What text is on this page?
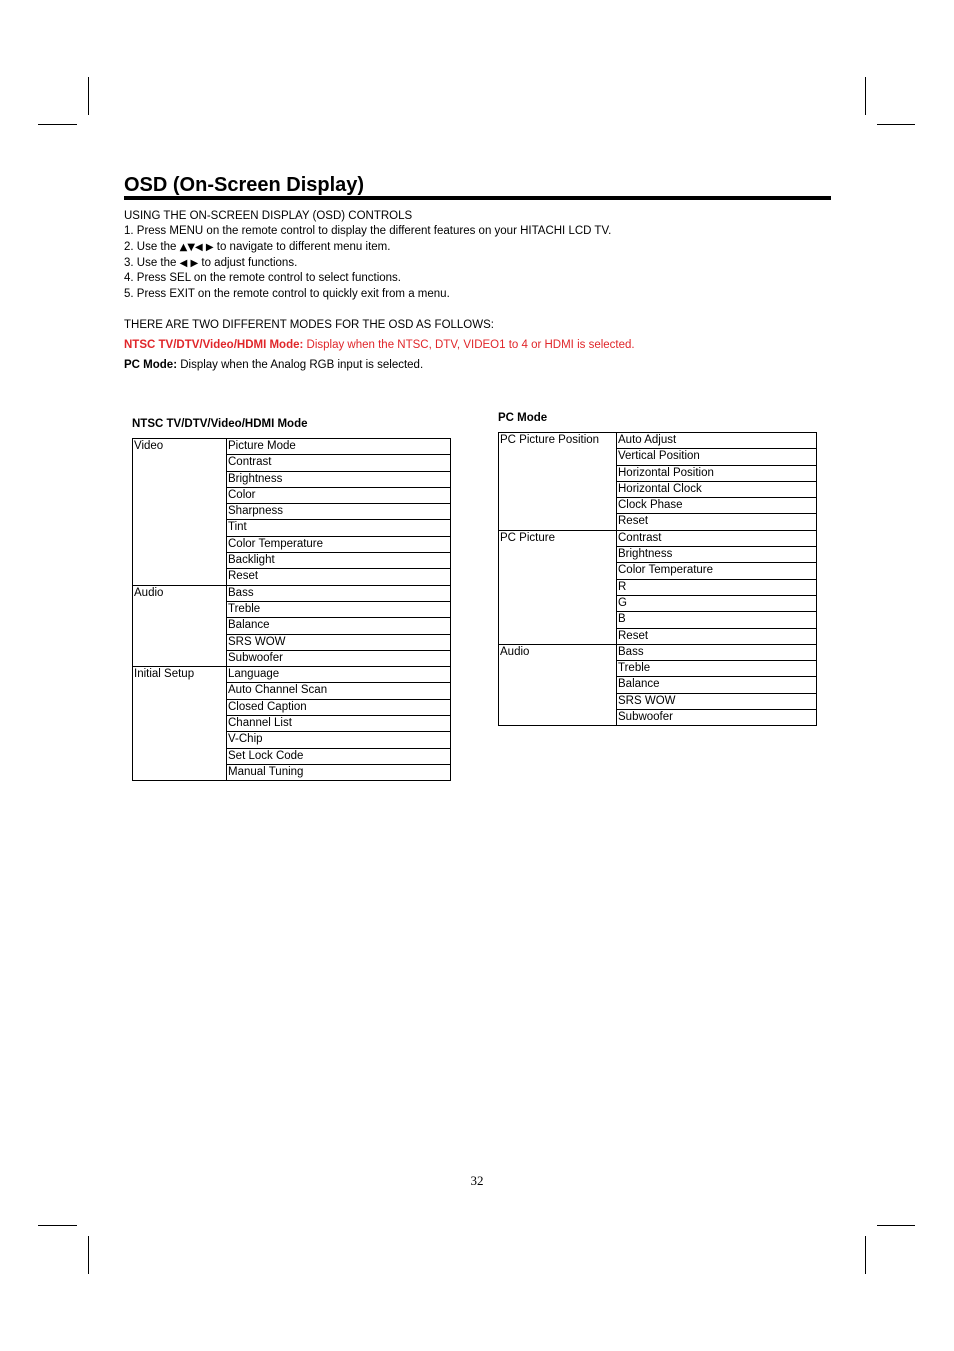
OSD (On-Screen Display)
USING THE ON-SCREEN DISPLAY (OSD) CONTROLS
1. Press MENU on the remote control to display the different features on your HITACHI LCD TV.
2. Use the ▲▼◀ ▶ to navigate to different menu item.
3. Use the ◀ ▶ to adjust functions.
4. Press SEL on the remote control to select functions.
5. Press EXIT on the remote control to quickly exit from a menu.
THERE ARE TWO DIFFERENT MODES FOR THE OSD AS FOLLOWS:
NTSC TV/DTV/Video/HDMI Mode: Display when the NTSC, DTV, VIDEO1 to 4 or HDMI is selected.
PC Mode: Display when the Analog RGB input is selected.
NTSC TV/DTV/Video/HDMI Mode
Video	Picture Mode
	Contrast
	Brightness
	Color
	Sharpness
	Tint
	Color Temperature
	Backlight
	Reset
Audio	Bass
	Treble
	Balance
	SRS WOW
	Subwoofer
Initial Setup	Language
	Auto Channel Scan
	Closed Caption
	Channel List
	V-Chip
	Set Lock Code
	Manual Tuning
PC Mode
PC Picture Position	Auto Adjust
	Vertical Position
	Horizontal Position
	Horizontal Clock
	Clock Phase
	Reset
PC Picture	Contrast
	Brightness
	Color Temperature
	R
	G
	B
	Reset
Audio	Bass
	Treble
	Balance
	SRS WOW
	Subwoofer
32
